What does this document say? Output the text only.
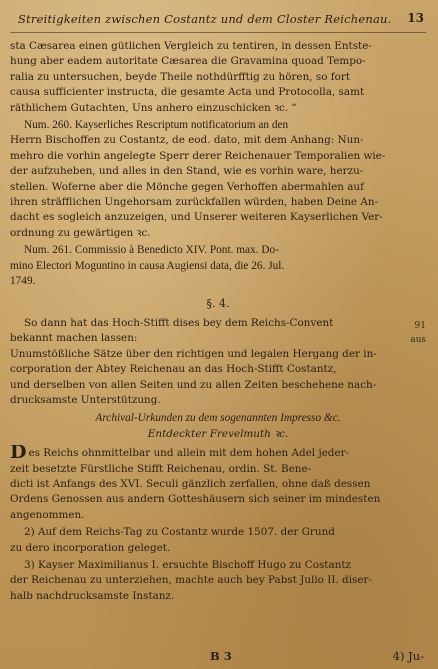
Streitigkeiten zwischen Costantz und dem Closter Reichenau. 13
sta Cæsarea einen gütlichen Vergleich zu tentiren, in dessen Entste-
hung aber eadem autoritate Cæsarea die Gravamina quoad Tempo-
ralia zu untersuchen, beyde Theile nothdürfftig zu hören, so fort
causa sufficienter instructa, die gesamte Acta und Protocolla, samt
räthlichem Gutachten, Uns anhero einzuschicken ꝛc. “
Num. 260. Kayserliches Rescriptum notificatorium an den
Herrn Bischoffen zu Costantz, de eod. dato, mit dem Anhang: Nun-
mehro die vorhin angelegte Sperr derer Reichenauer Temporalien wie-
der aufzuheben, und alles in den Stand, wie es vorhin ware, herzu-
stellen. Woferne aber die Mönche gegen Verhoffen abermahlen auf
ihren sträfflichen Ungehorsam zurückfallen würden, haben Deine An-
dacht es sogleich anzuzeigen, und Unserer weiteren Kayserlichen Ver-
ordnung zu gewärtigen ꝛc.
Num. 261. Commissio à Benedicto XIV. Pont. max. Do-
mino Electori Moguntino in causa Augiensi data, die 26. Jul.
1749.
§. 4.
91
aus
So dann hat das Hoch-Stifft dises bey dem Reichs-Convent
bekannt machen lassen:
Unumstößliche Sätze über den richtigen und legalen Hergang der in-
corporation der Abtey Reichenau an das Hoch-Stifft Costantz,
und derselben von allen Seiten und zu allen Zeiten beschehene nach-
drucksamste Unterstützung.
Archival-Urkunden zu dem sogenannten Impresso &c.
Entdeckter Frevelmuth ꝛc.
Des Reichs ohnmittelbar und allein mit dem hohen Adel jeder-
zeit besetzte Fürstliche Stifft Reichenau, ordin. St. Bene-
dicti ist Anfangs des XVI. Seculi gänzlich zerfallen, ohne daß dessen
Ordens Genossen aus andern Gotteshäusern sich seiner im mindesten
angenommen.
2) Auf dem Reichs-Tag zu Costantz wurde 1507. der Grund
zu dero incorporation geleget.
3) Kayser Maximilianus I. ersuchte Bischoff Hugo zu Costantz
der Reichenau zu unterziehen, machte auch bey Pabst Julio II. diser-
halb nachdrucksamste Instanz.
B 3	4) Ju-
